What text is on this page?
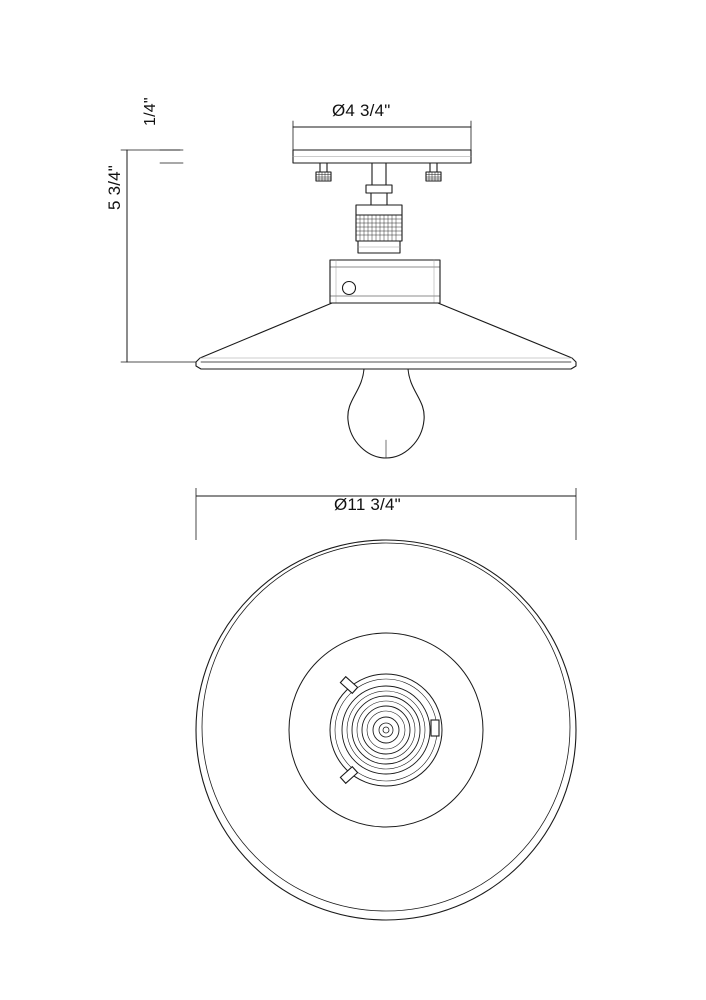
Ø4 3/4"
Ø11 3/4"
5 3/4"
1/4"
